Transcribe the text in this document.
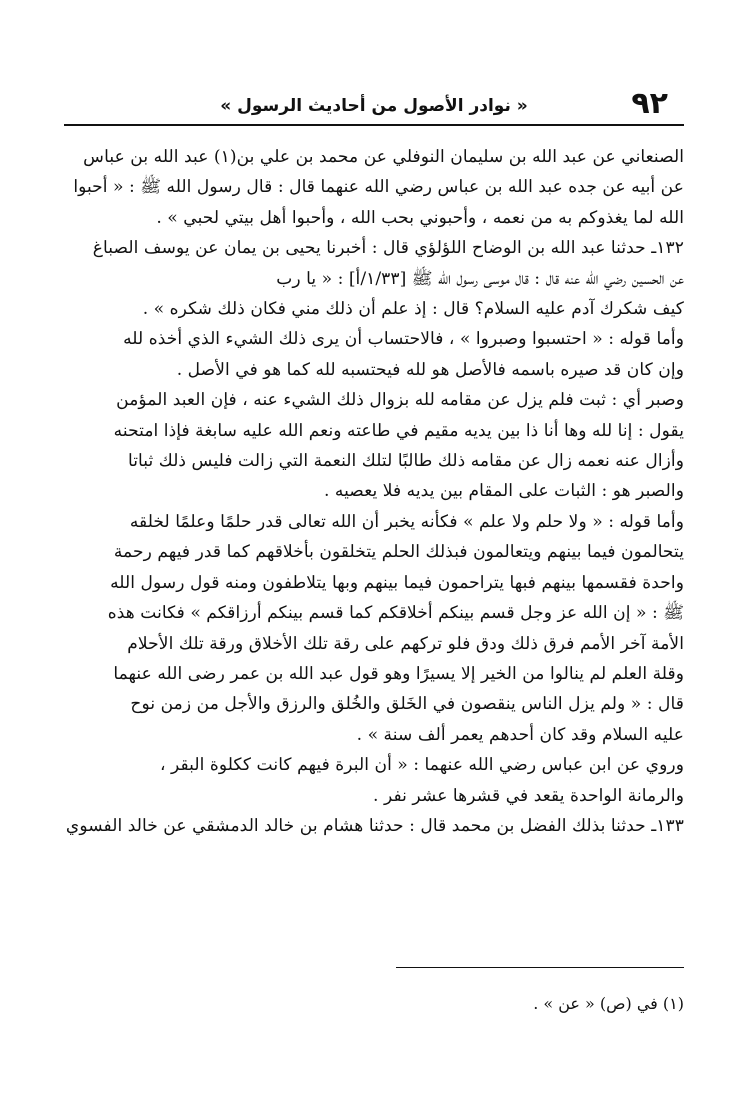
٩٢
« نوادر الأصول من أحاديث الرسول »
الصنعاني عن عبد الله بن سليمان النوفلي عن محمد بن علي بن(١) عبد الله بن عباس
عن أبيه عن جده عبد الله بن عباس رضي الله عنهما قال : قال رسول الله ﷺ : « أحبوا
الله لما يغذوكم به من نعمه ، وأحبوني بحب الله ، وأحبوا أهل بيتي لحبي » .
١٣٢ـ حدثنا عبد الله بن الوضاح اللؤلؤي قال : أخبرنا يحيى بن يمان عن يوسف الصباغ
عن الحسين رضي الله عنه قال : قال موسى رسول الله ﷺ [١/٣٣/أ] : « يا رب
كيف شكرك آدم عليه السلام؟ قال : إذ علم أن ذلك مني فكان ذلك شكره » .
وأما قوله : « احتسبوا وصبروا » ، فالاحتساب أن يرى ذلك الشيء الذي أخذه لله
وإن كان قد صيره باسمه فالأصل هو لله فيحتسبه لله كما هو في الأصل .
وصبر أي : ثبت فلم يزل عن مقامه لله بزوال ذلك الشيء عنه ، فإن العبد المؤمن
يقول : إنا لله وها أنا ذا بين يديه مقيم في طاعته ونعم الله عليه سابغة فإذا امتحنه
وأزال عنه نعمه زال عن مقامه ذلك طالبًا لتلك النعمة التي زالت فليس ذلك ثباتا
والصبر هو : الثبات على المقام بين يديه فلا يعصيه .
وأما قوله : « ولا حلم ولا علم » فكأنه يخبر أن الله تعالى قدر حلمًا وعلمًا لخلقه
يتحالمون فيما بينهم ويتعالمون فبذلك الحلم يتخلقون بأخلاقهم كما قدر فيهم رحمة
واحدة فقسمها بينهم فبها يتراحمون فيما بينهم وبها يتلاطفون ومنه قول رسول الله
ﷺ : « إن الله عز وجل قسم بينكم أخلاقكم كما قسم بينكم أرزاقكم » فكانت هذه
الأمة آخر الأمم فرق ذلك ودق فلو تركهم على رقة تلك الأخلاق ورقة تلك الأحلام
وقلة العلم لم ينالوا من الخير إلا يسيرًا وهو قول عبد الله بن عمر رضى الله عنهما
قال : « ولم يزل الناس ينقصون في الخَلق والخُلق والرزق والأجل من زمن نوح
عليه السلام وقد كان أحدهم يعمر ألف سنة » .
وروي عن ابن عباس رضي الله عنهما : « أن البرة فيهم كانت ككلوة البقر ،
والرمانة الواحدة يقعد في قشرها عشر نفر .
١٣٣ـ حدثنا بذلك الفضل بن محمد قال : حدثنا هشام بن خالد الدمشقي عن خالد الفسوي
(١) في (ص) « عن » .
